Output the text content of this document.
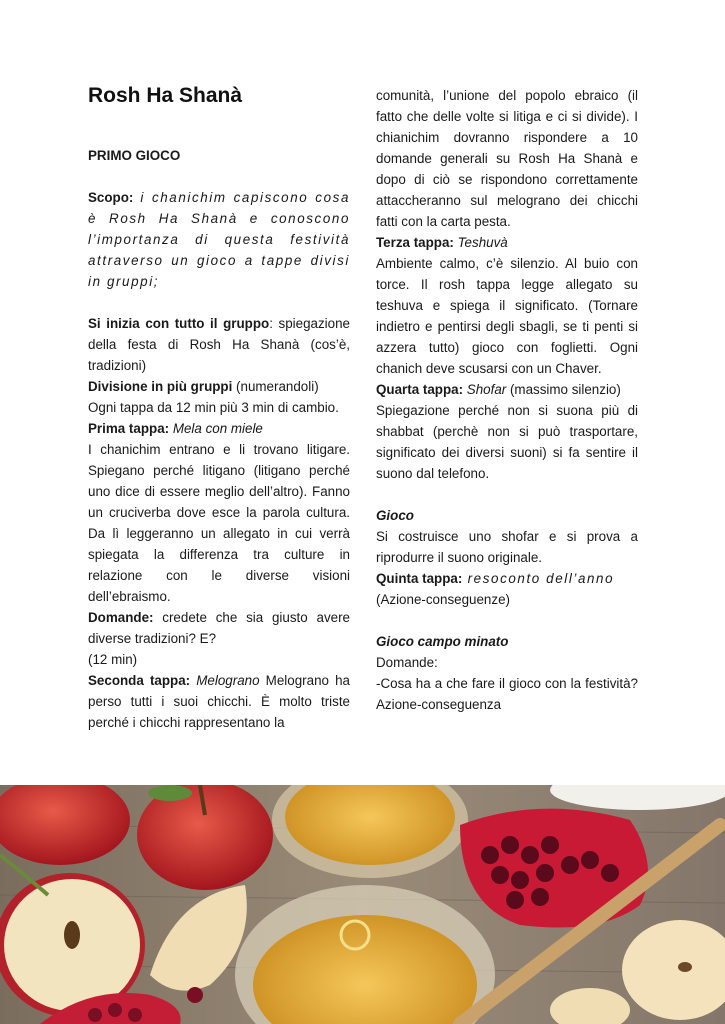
Rosh Ha Shanà

PRIMO GIOCO

Scopo: i chanichim capiscono cosa è Rosh Ha Shanà e conoscono l’importanza di questa festività attraverso un gioco a tappe divisi in gruppi;

Si inizia con tutto il gruppo: spiegazione della festa di Rosh Ha Shanà (cos’è, tradizioni)

Divisione in più gruppi (numerandoli)

Ogni tappa da 12 min più 3 min di cambio.

Prima tappa: Mela con miele

I chanichim entrano e li trovano litigare. Spiegano perché litigano (litigano perché uno dice di essere meglio dell’altro). Fanno un cruciverba dove esce la parola cultura. Da lì leggeranno un allegato in cui verrà spiegata la differenza tra culture in relazione con le diverse visioni dell’ebraismo.

Domande: credete che sia giusto avere diverse tradizioni? E?

(12 min)

Seconda tappa: Melograno Melograno ha perso tutti i suoi chicchi. È molto triste perché i chicchi rappresentano la

comunità, l’unione del popolo ebraico (il fatto che delle volte si litiga e ci si divide). I chianichim dovranno rispondere a 10 domande generali su Rosh Ha Shanà e dopo di ciò se rispondono correttamente attaccheranno sul melograno dei chicchi fatti con la carta pesta.

Terza tappa: Teshuvà

Ambiente calmo, c’è silenzio. Al buio con torce. Il rosh tappa legge allegato su teshuva e spiega il significato. (Tornare indietro e pentirsi degli sbagli, se ti penti si azzera tutto) gioco con foglietti. Ogni chanich deve scusarsi con un Chaver.

Quarta tappa: Shofar (massimo silenzio)

Spiegazione perché non si suona più di shabbat (perchè non si può trasportare, significato dei diversi suoni) si fa sentire il suono dal telefono.

Gioco

Si costruisce uno shofar e si prova a riprodurre il suono originale.

Quinta tappa: resoconto dell’anno

(Azione-conseguenze)

Gioco campo minato

Domande:

-Cosa ha a che fare il gioco con la festività? Azione-conseguenza
